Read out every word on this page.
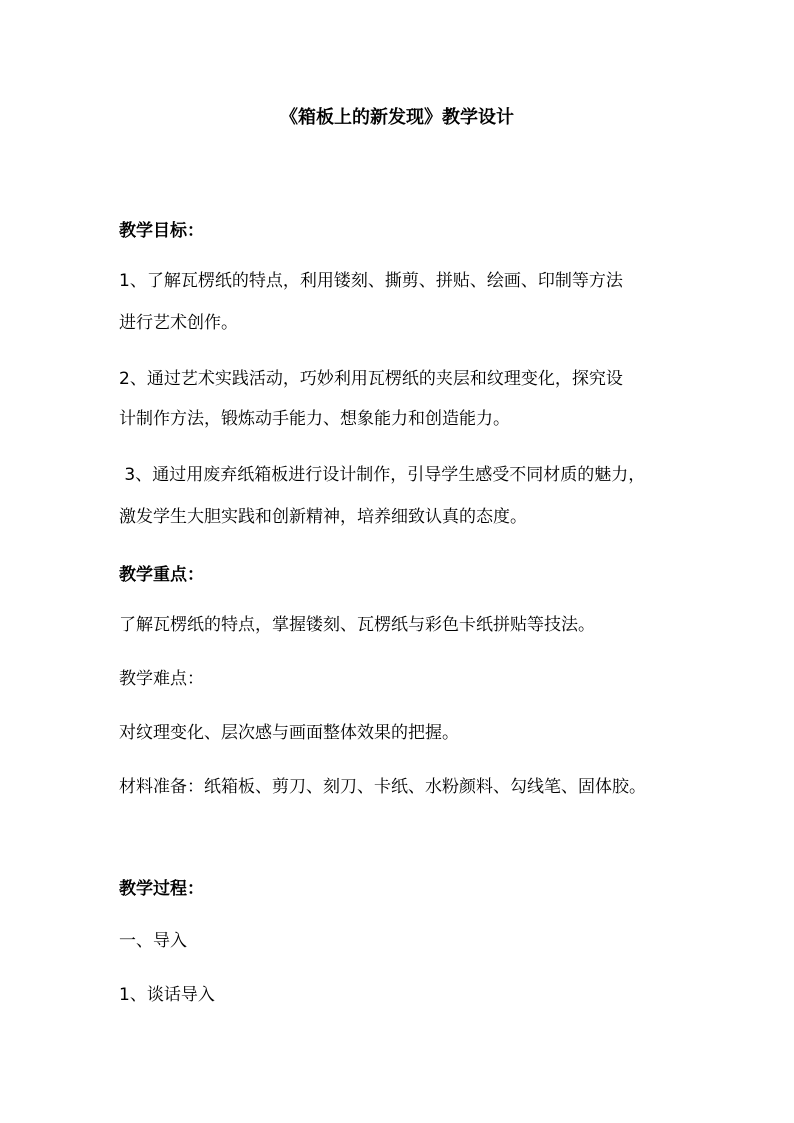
《箱板上的新发现》教学设计
教学目标：
1、了解瓦楞纸的特点，利用镂刻、撕剪、拼贴、绘画、印制等方法
进行艺术创作。
2、通过艺术实践活动，巧妙利用瓦楞纸的夹层和纹理变化，探究设
计制作方法，锻炼动手能力、想象能力和创造能力。
3、通过用废弃纸箱板进行设计制作，引导学生感受不同材质的魅力，
激发学生大胆实践和创新精神，培养细致认真的态度。
教学重点：
了解瓦楞纸的特点，掌握镂刻、瓦楞纸与彩色卡纸拼贴等技法。
教学难点：
对纹理变化、层次感与画面整体效果的把握。
材料准备：纸箱板、剪刀、刻刀、卡纸、水粉颜料、勾线笔、固体胶。
教学过程：
一、导入
1、谈话导入
